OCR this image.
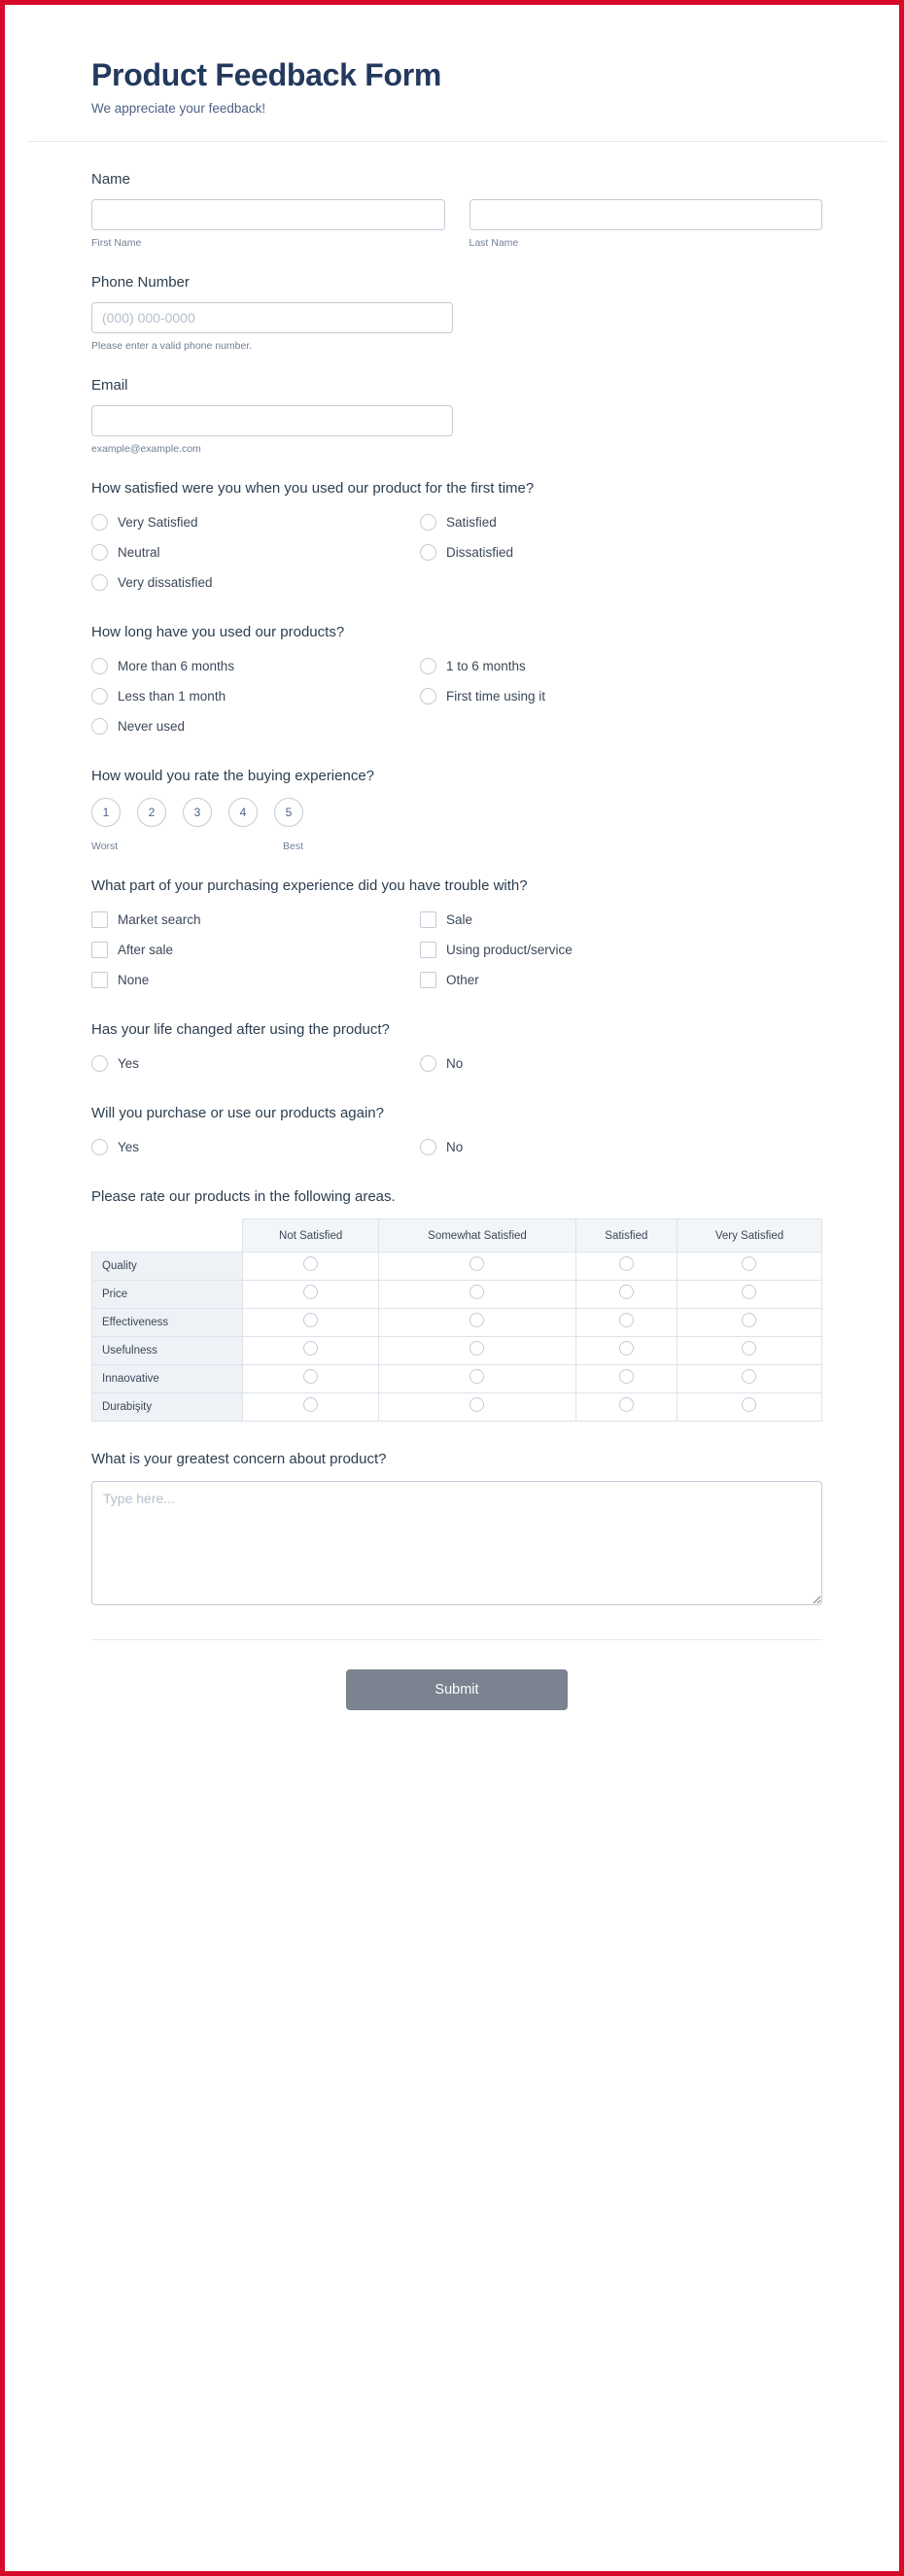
Product Feedback Form

We appreciate your feedback!

Name
First Name	Last Name
Phone Number
(000) 000-0000
Please enter a valid phone number.
Email
example@example.com
How satisfied were you when you used our product for the first time?
Very Satisfied	Satisfied
Neutral	Dissatisfied
Very dissatisfied
How long have you used our products?
More than 6 months	1 to 6 months
Less than 1 month	First time using it
Never used
How would you rate the buying experience?
1	2	3	4	5
Worst	Best
What part of your purchasing experience did you have trouble with?
Market search	Sale
After sale	Using product/service
None	Other
Has your life changed after using the product?
Yes	No
Will you purchase or use our products again?
Yes	No
Please rate our products in the following areas.
	Not Satisfied	Somewhat Satisfied	Satisfied	Very Satisfied
Quality				
Price				
Effectiveness				
Usefulness				
Innaovative				
Durabişity				
What is your greatest concern about product?
Type here...
Submit
